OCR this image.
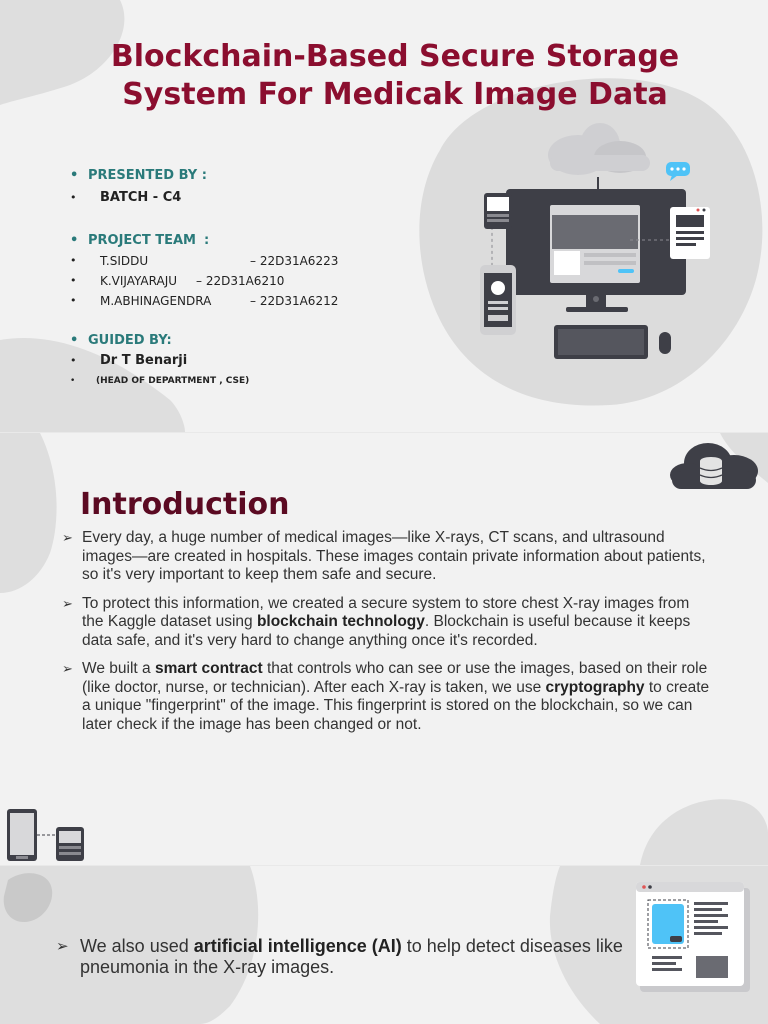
Blockchain-Based Secure Storage
System For Medicak Image Data
• PRESENTED BY :
• BATCH - C4
• PROJECT TEAM :
• T.SIDDU	– 22D31A6223
• K.VIJAYARAJU – 22D31A6210
• M.ABHINAGENDRA	– 22D31A6212
• GUIDED BY:
• Dr T Benarji
• (HEAD OF DEPARTMENT , CSE)
Introduction
➢ Every day, a huge number of medical images—like X-rays, CT scans, and ultrasound images—are created in hospitals. These images contain private information about patients, so it's very important to keep them safe and secure.
➢ To protect this information, we created a secure system to store chest X-ray images from the Kaggle dataset using blockchain technology. Blockchain is useful because it keeps data safe, and it's very hard to change anything once it's recorded.
➢ We built a smart contract that controls who can see or use the images, based on their role (like doctor, nurse, or technician). After each X-ray is taken, we use cryptography to create a unique "fingerprint" of the image. This fingerprint is stored on the blockchain, so we can later check if the image has been changed or not.
➢ We also used artificial intelligence (AI) to help detect diseases like pneumonia in the X-ray images.
